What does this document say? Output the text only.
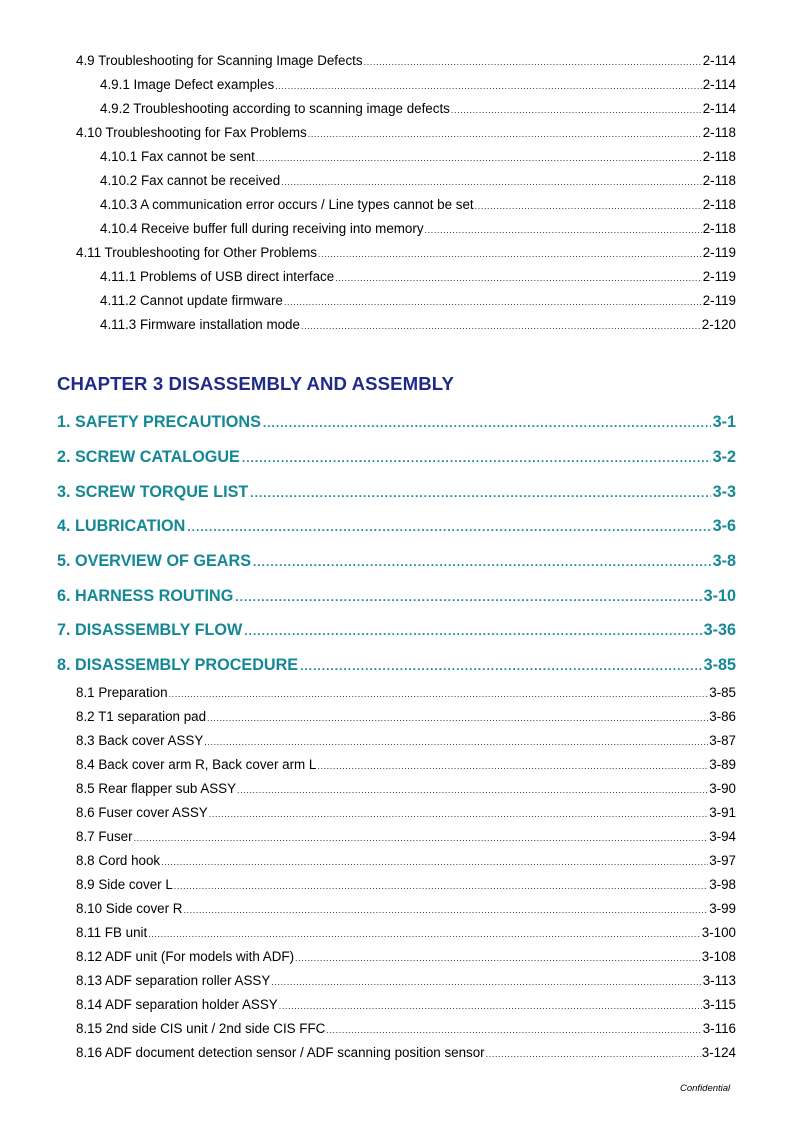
4.9 Troubleshooting for Scanning Image Defects .....	2-114
4.9.1 Image Defect examples .....	2-114
4.9.2 Troubleshooting according to scanning image defects .....	2-114
4.10 Troubleshooting for Fax Problems .....	2-118
4.10.1 Fax cannot be sent .....	2-118
4.10.2 Fax cannot be received .....	2-118
4.10.3 A communication error occurs / Line types cannot be set .....	2-118
4.10.4 Receive buffer full during receiving into memory .....	2-118
4.11 Troubleshooting for Other Problems .....	2-119
4.11.1 Problems of USB direct interface .....	2-119
4.11.2 Cannot update firmware .....	2-119
4.11.3 Firmware installation mode .....	2-120
CHAPTER 3 DISASSEMBLY AND ASSEMBLY
1. SAFETY PRECAUTIONS .....	3-1
2. SCREW CATALOGUE .....	3-2
3. SCREW TORQUE LIST .....	3-3
4. LUBRICATION .....	3-6
5. OVERVIEW OF GEARS .....	3-8
6. HARNESS ROUTING .....	3-10
7. DISASSEMBLY FLOW .....	3-36
8. DISASSEMBLY PROCEDURE .....	3-85
8.1 Preparation .....	3-85
8.2 T1 separation pad .....	3-86
8.3 Back cover ASSY .....	3-87
8.4 Back cover arm R, Back cover arm L .....	3-89
8.5 Rear flapper sub ASSY .....	3-90
8.6 Fuser cover ASSY .....	3-91
8.7 Fuser .....	3-94
8.8 Cord hook .....	3-97
8.9 Side cover L .....	3-98
8.10 Side cover R .....	3-99
8.11 FB unit .....	3-100
8.12 ADF unit (For models with ADF) .....	3-108
8.13 ADF separation roller ASSY .....	3-113
8.14 ADF separation holder ASSY .....	3-115
8.15 2nd side CIS unit / 2nd side CIS FFC .....	3-116
8.16 ADF document detection sensor / ADF scanning position sensor .....	3-124
Confidential
